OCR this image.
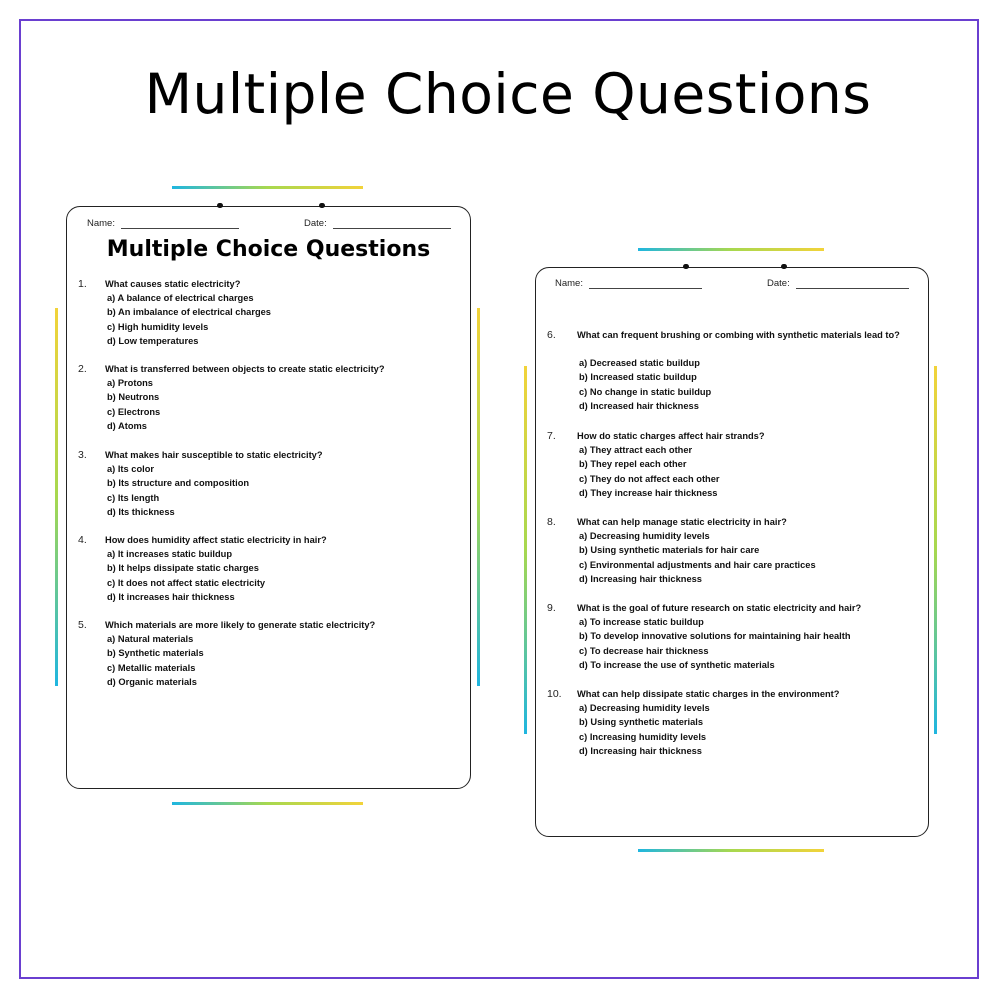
Multiple Choice Questions
Name:	Date:
Multiple Choice Questions
1. What causes static electricity?
a) A balance of electrical charges
b) An imbalance of electrical charges
c) High humidity levels
d) Low temperatures
2. What is transferred between objects to create static electricity?
a) Protons
b) Neutrons
c) Electrons
d) Atoms
3. What makes hair susceptible to static electricity?
a) Its color
b) Its structure and composition
c) Its length
d) Its thickness
4. How does humidity affect static electricity in hair?
a) It increases static buildup
b) It helps dissipate static charges
c) It does not affect static electricity
d) It increases hair thickness
5. Which materials are more likely to generate static electricity?
a) Natural materials
b) Synthetic materials
c) Metallic materials
d) Organic materials
Name:	Date:
6. What can frequent brushing or combing with synthetic materials lead to?
a) Decreased static buildup
b) Increased static buildup
c) No change in static buildup
d) Increased hair thickness
7. How do static charges affect hair strands?
a) They attract each other
b) They repel each other
c) They do not affect each other
d) They increase hair thickness
8. What can help manage static electricity in hair?
a) Decreasing humidity levels
b) Using synthetic materials for hair care
c) Environmental adjustments and hair care practices
d) Increasing hair thickness
9. What is the goal of future research on static electricity and hair?
a) To increase static buildup
b) To develop innovative solutions for maintaining hair health
c) To decrease hair thickness
d) To increase the use of synthetic materials
10. What can help dissipate static charges in the environment?
a) Decreasing humidity levels
b) Using synthetic materials
c) Increasing humidity levels
d) Increasing hair thickness
